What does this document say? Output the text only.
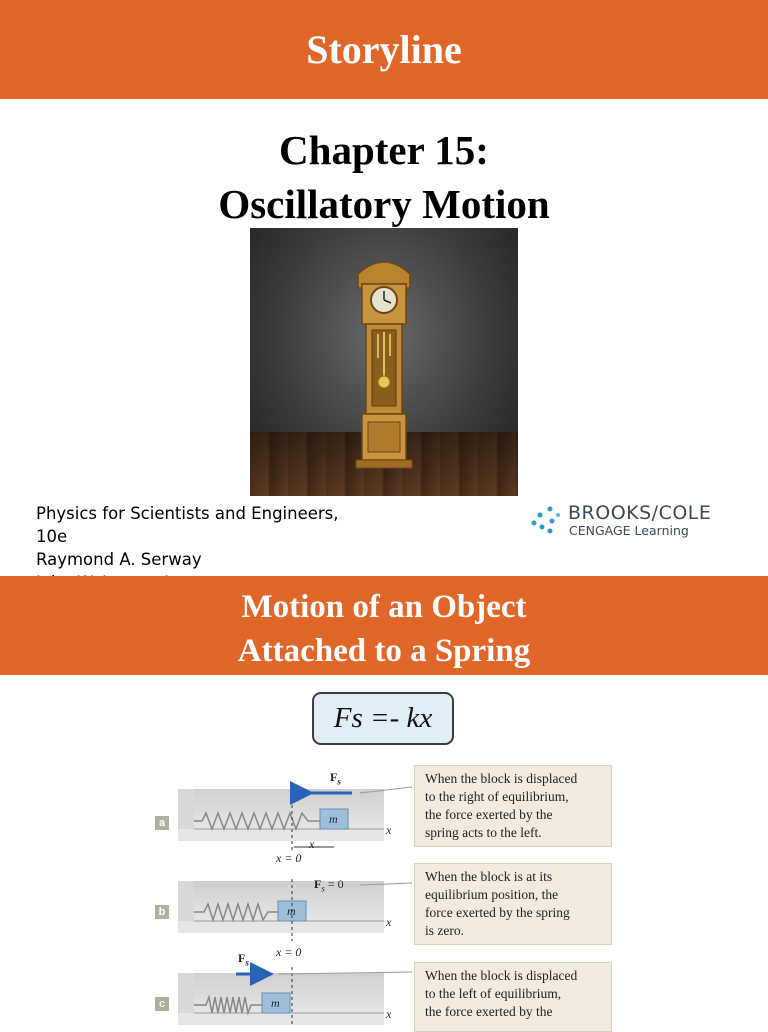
Storyline
Chapter 15:
Oscillatory Motion
Physics for Scientists and Engineers,
10e
Raymond A. Serway
BROOKS/COLE
CENGAGE Learning
Motion of an Object
Attached to a Spring
Fs =- kx
a
b
c
$F_s$
m
x
x
x = 0
$F_s = 0$
m
x
x = 0
$F_s$
m
x
When the block is displaced
to the right of equilibrium,
the force exerted by the
spring acts to the left.
When the block is at its
equilibrium position, the
force exerted by the spring
is zero.
When the block is displaced
to the left of equilibrium,
the force exerted by the
